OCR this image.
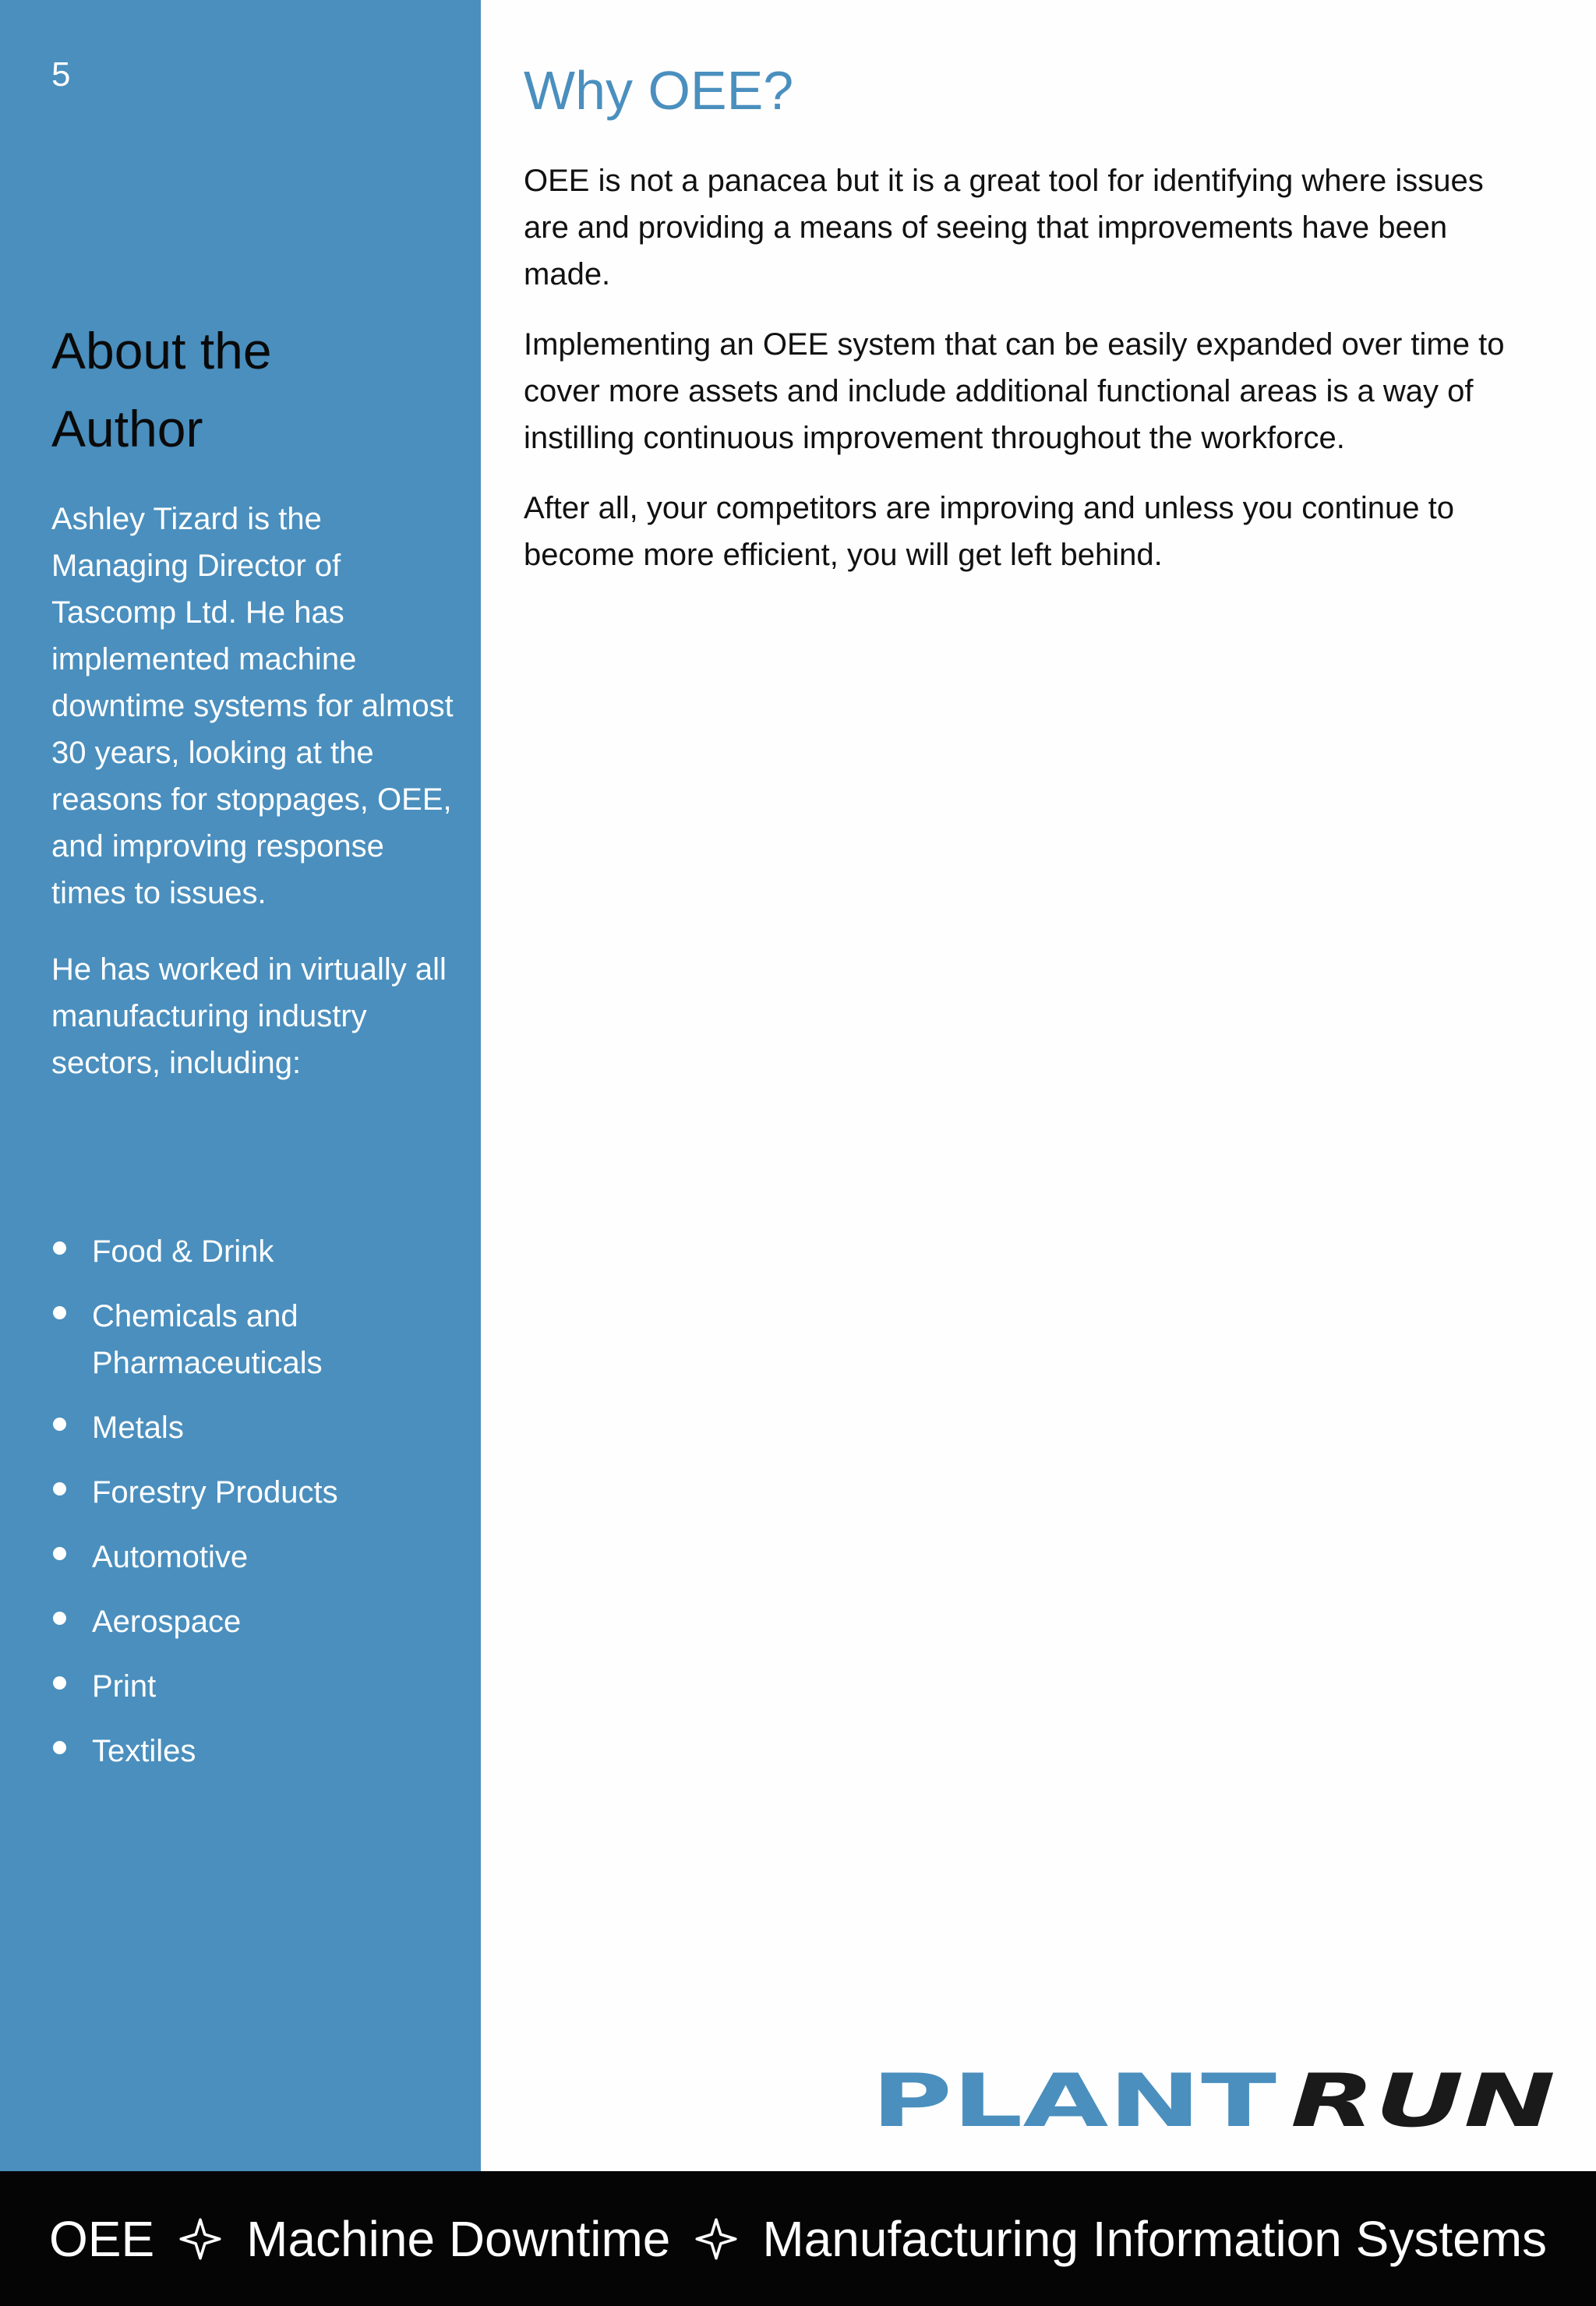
5
About the
Author

Ashley Tizard is the Managing Director of Tascomp Ltd. He has implemented machine downtime systems for almost 30 years, looking at the reasons for stoppages, OEE, and improving response times to issues.

He has worked in virtually all manufacturing industry sectors, including:

Food & Drink
Chemicals and Pharmaceuticals
Metals
Forestry Products
Automotive
Aerospace
Print
Textiles
Why OEE?

OEE is not a panacea but it is a great tool for identifying where issues are and providing a means of seeing that improvements have been made.

Implementing an OEE system that can be easily expanded over time to cover more assets and include additional functional areas is a way of instilling continuous improvement throughout the workforce.

After all, your competitors are improving and unless you continue to become more efficient, you will get left behind.

PLANT RUN
OEE Machine Downtime Manufacturing Information Systems
